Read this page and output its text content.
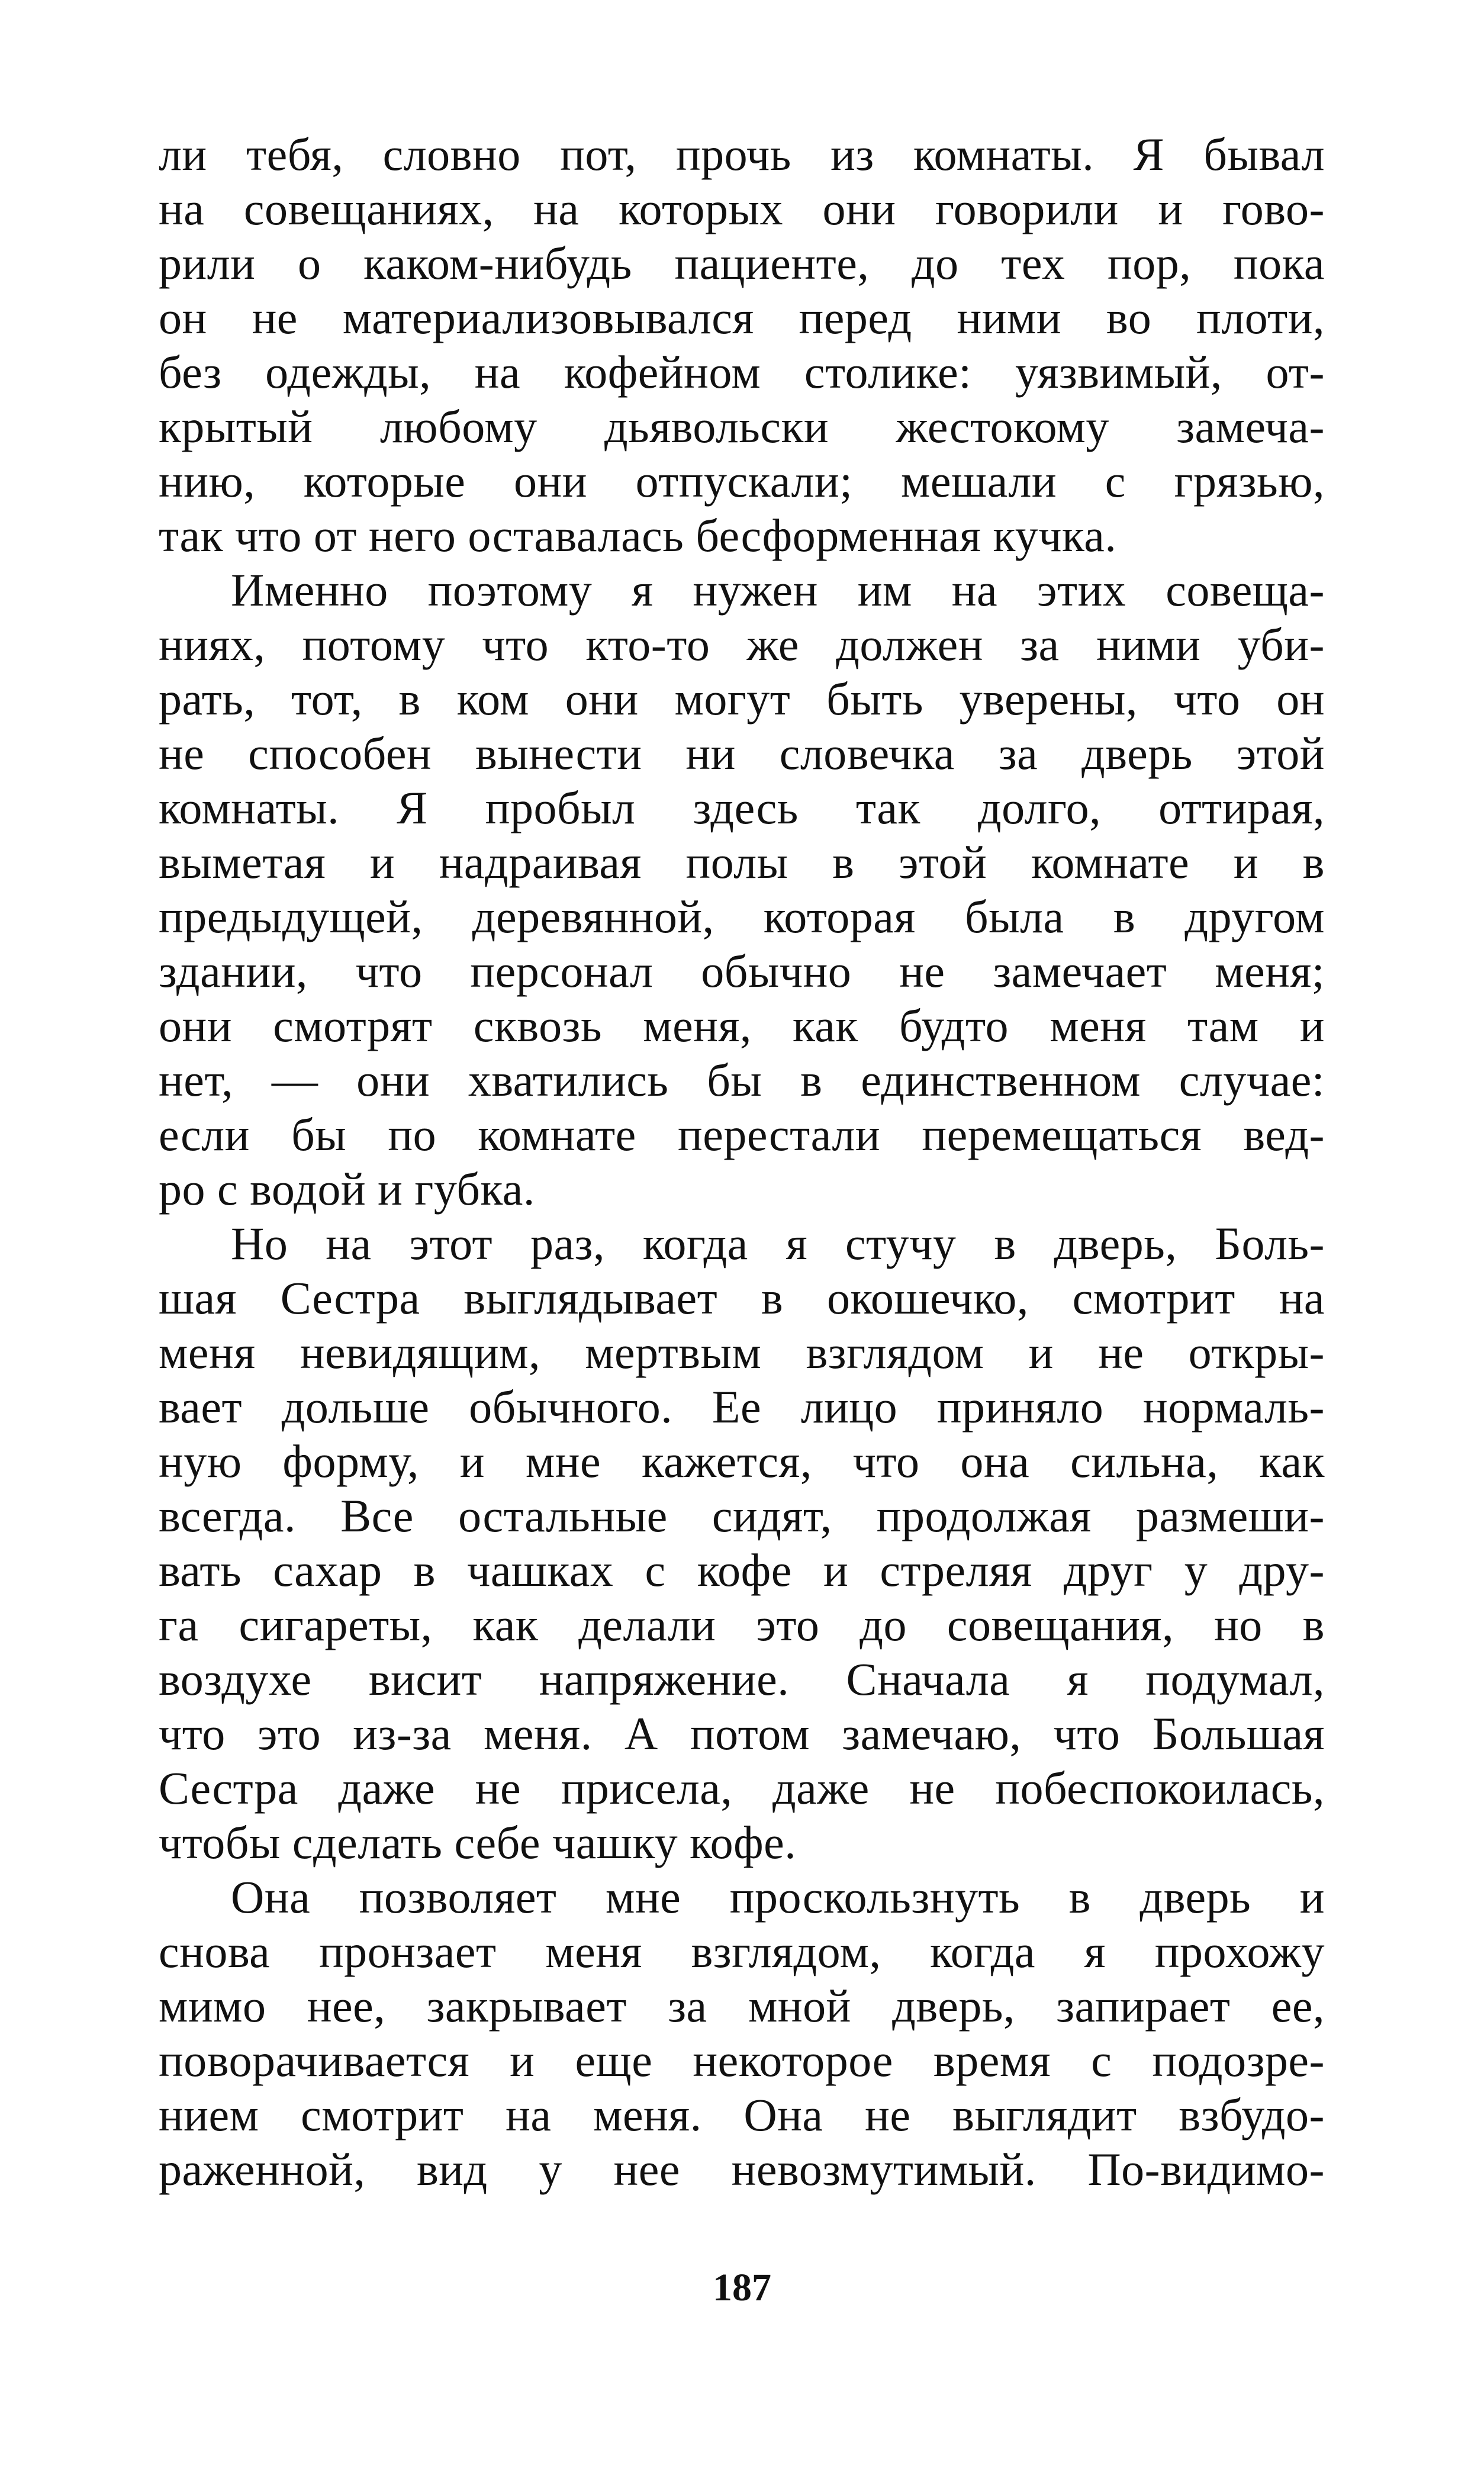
ли тебя, словно пот, прочь из комнаты. Я бывал
на совещаниях, на которых они говорили и гово-
рили о каком-нибудь пациенте, до тех пор, пока
он не материализовывался перед ними во плоти,
без одежды, на кофейном столике: уязвимый, от-
крытый любому дьявольски жестокому замеча-
нию, которые они отпускали; мешали с грязью,
так что от него оставалась бесформенная кучка.
Именно поэтому я нужен им на этих совеща-
ниях, потому что кто-то же должен за ними уби-
рать, тот, в ком они могут быть уверены, что он
не способен вынести ни словечка за дверь этой
комнаты. Я пробыл здесь так долго, оттирая,
выметая и надраивая полы в этой комнате и в
предыдущей, деревянной, которая была в другом
здании, что персонал обычно не замечает меня;
они смотрят сквозь меня, как будто меня там и
нет, — они хватились бы в единственном случае:
если бы по комнате перестали перемещаться вед-
ро с водой и губка.
Но на этот раз, когда я стучу в дверь, Боль-
шая Сестра выглядывает в окошечко, смотрит на
меня невидящим, мертвым взглядом и не откры-
вает дольше обычного. Ее лицо приняло нормаль-
ную форму, и мне кажется, что она сильна, как
всегда. Все остальные сидят, продолжая размеши-
вать сахар в чашках с кофе и стреляя друг у дру-
га сигареты, как делали это до совещания, но в
воздухе висит напряжение. Сначала я подумал,
что это из-за меня. А потом замечаю, что Большая
Сестра даже не присела, даже не побеспокоилась,
чтобы сделать себе чашку кофе.
Она позволяет мне проскользнуть в дверь и
снова пронзает меня взглядом, когда я прохожу
мимо нее, закрывает за мной дверь, запирает ее,
поворачивается и еще некоторое время с подозре-
нием смотрит на меня. Она не выглядит взбудо-
раженной, вид у нее невозмутимый. По-видимо-
187
